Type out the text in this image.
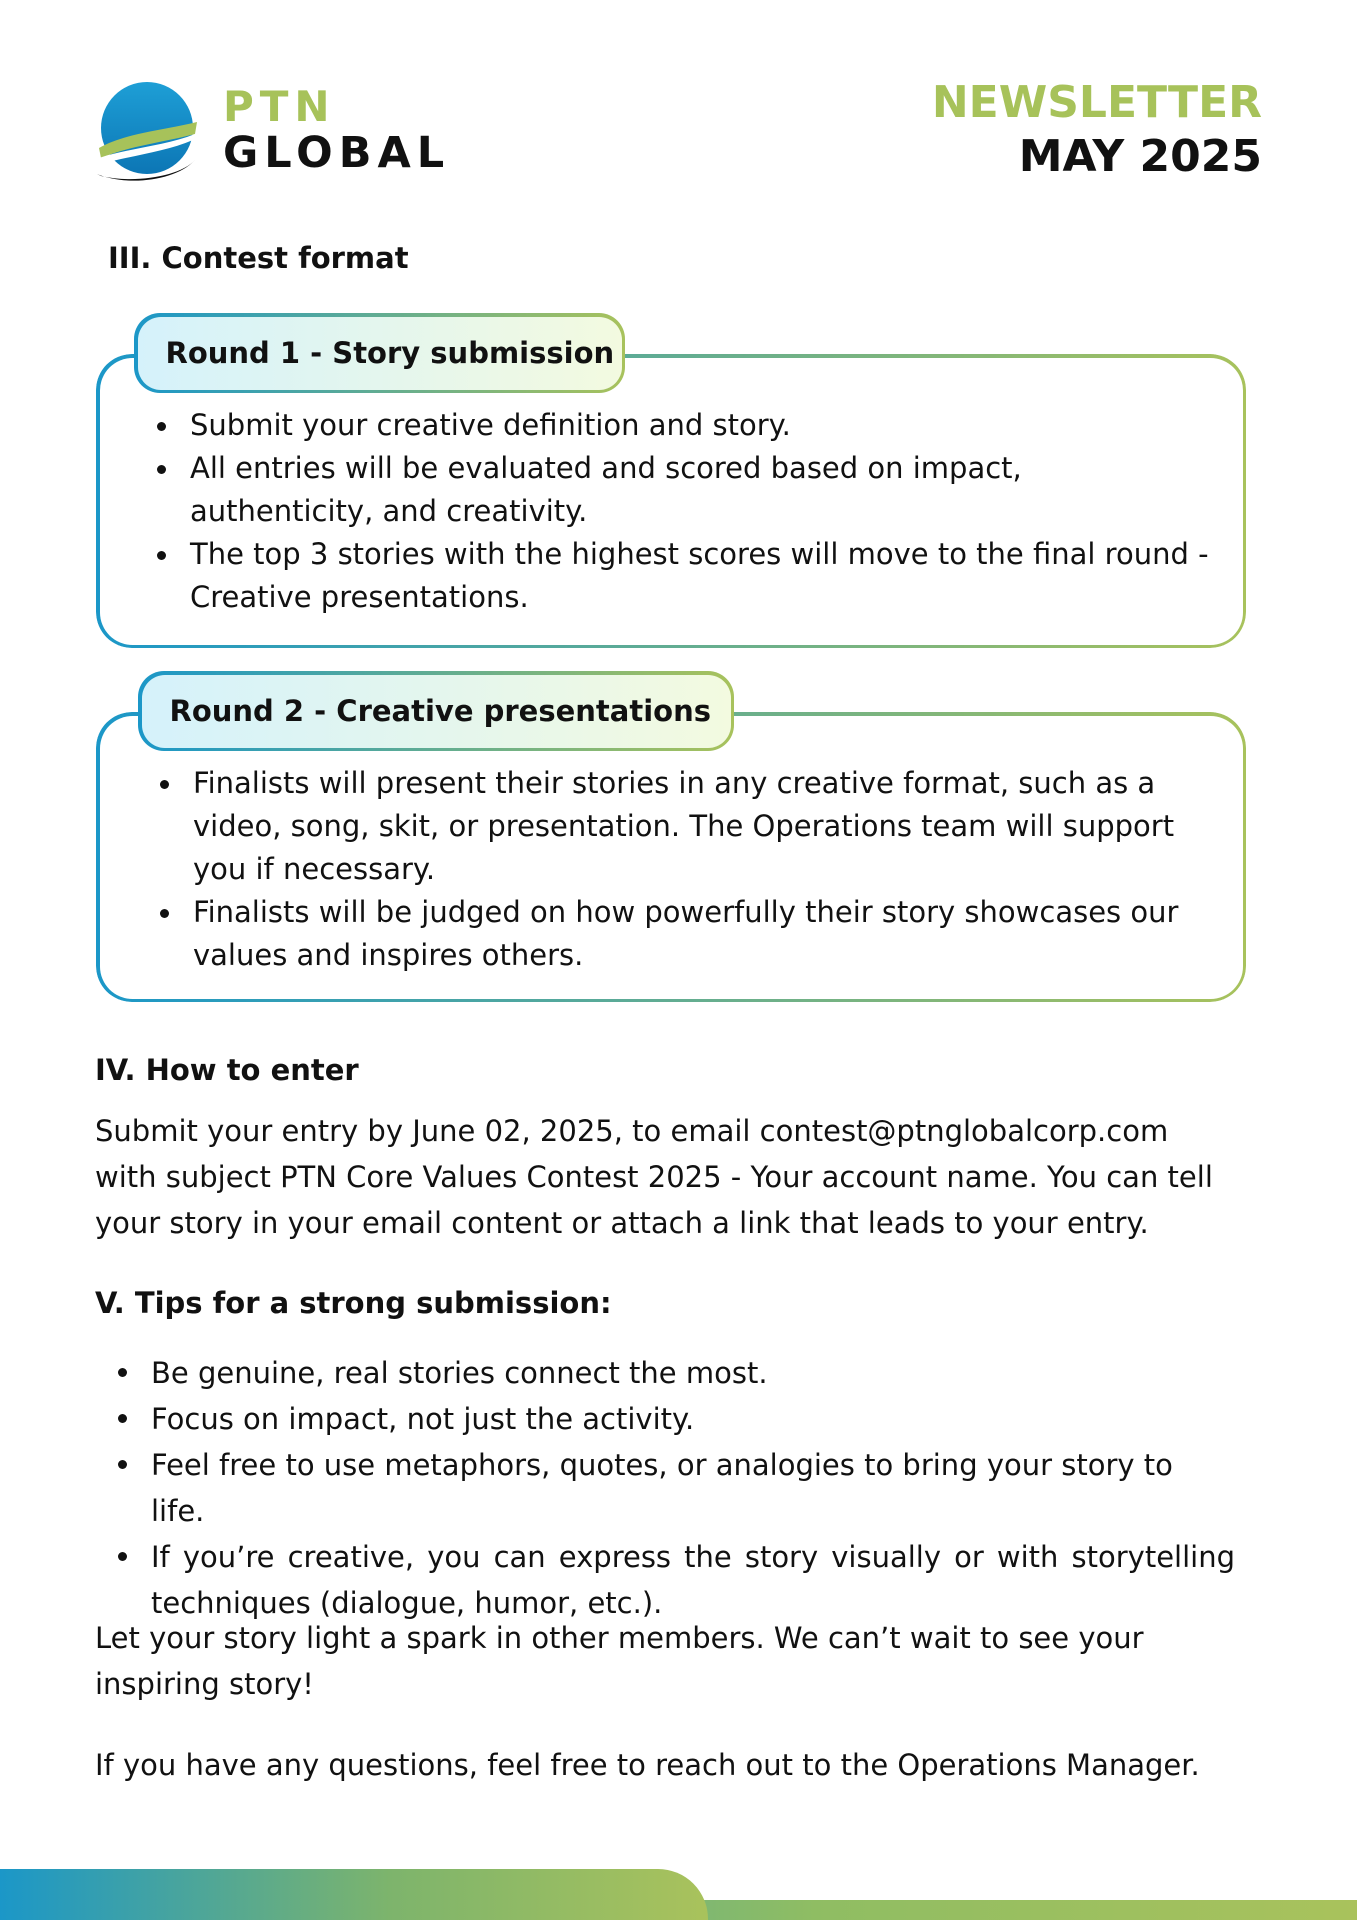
PTN
GLOBAL
NEWSLETTER
MAY 2025
III. Contest format
Submit your creative definition and story.
All entries will be evaluated and scored based on impact, authenticity, and creativity.
The top 3 stories with the highest scores will move to the final round - Creative presentations.
Round 1 - Story submission
Finalists will present their stories in any creative format, such as a video, song, skit, or presentation. The Operations team will support you if necessary.
Finalists will be judged on how powerfully their story showcases our values and inspires others.
Round 2 - Creative presentations
IV. How to enter
Submit your entry by June 02, 2025, to email contest@ptnglobalcorp.com with subject PTN Core Values Contest 2025 - Your account name. You can tell your story in your email content or attach a link that leads to your entry.
V. Tips for a strong submission:
Be genuine, real stories connect the most.
Focus on impact, not just the activity.
Feel free to use metaphors, quotes, or analogies to bring your story to life.
If you’re creative, you can express the story visually or with storytelling techniques (dialogue, humor, etc.).
Let your story light a spark in other members. We can’t wait to see your inspiring story!
If you have any questions, feel free to reach out to the Operations Manager.
